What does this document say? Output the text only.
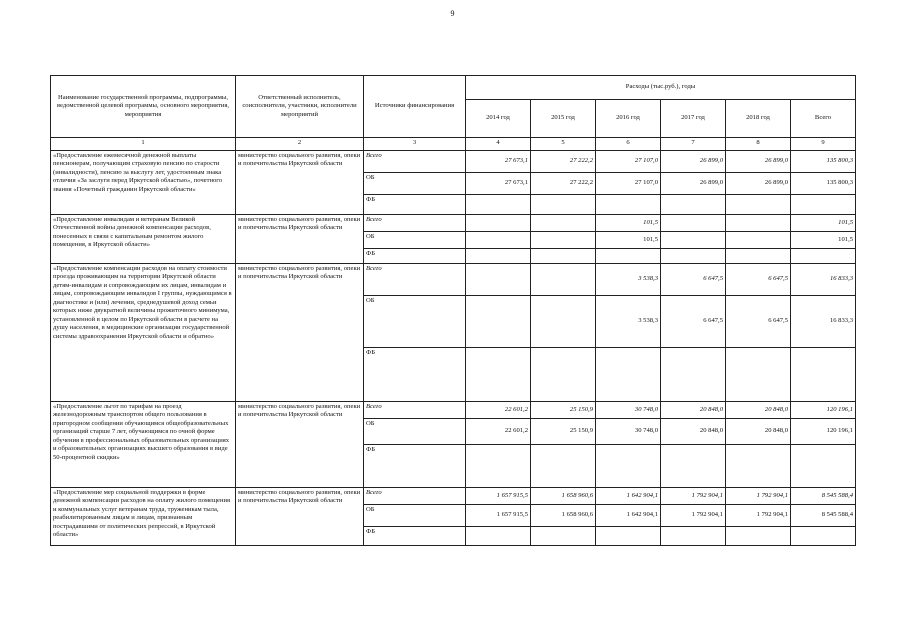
9
Наименование государственной программы, подпрограммы, ведомственной целевой программы, основного мероприятия, мероприятия	Ответственный исполнитель, соисполнители, участники, исполнители мероприятий	Источники финансирования	Расходы (тыс.руб.), годы					
			2014 год	2015 год	2016 год	2017 год	2018 год	Всего
1	2	3	4	5	6	7	8	9
«Предоставление ежемесячной денежной выплаты пенсионерам, получающим страховую пенсию по старости (инвалидности), пенсию за выслугу лет, удостоенным знака отличия «За заслуги перед Иркутской областью», почетного звания «Почетный гражданин Иркутской области»	министерство социального развития, опеки и попечительства Иркутской области	Всего	27 673,1	27 222,2	27 107,0	26 899,0	26 899,0	135 800,3
		ОБ	27 673,1	27 222,2	27 107,0	26 899,0	26 899,0	135 800,3
		ФБ						
«Предоставление инвалидам и ветеранам Великой Отечественной войны денежной компенсации расходов, понесенных в связи с капитальным ремонтом жилого помещения, в Иркутской области»	министерство социального развития, опеки и попечительства Иркутской области	Всего			101,5			101,5
		ОБ			101,5			101,5
		ФБ						
«Предоставление компенсации расходов на оплату стоимости проезда проживающим на территории Иркутской области детям-инвалидам и сопровождающим их лицам, инвалидам и лицам, сопровождающим инвалидов I группы, нуждающимся в диагностике и (или) лечении, среднедушевой доход семьи которых ниже двукратной величины прожиточного минимума, установленной в целом по Иркутской области в расчете на душу населения, в медицинские организации государственной системы здравоохранения Иркутской области и обратно»	министерство социального развития, опеки и попечительства Иркутской области	Всего			3 538,3	6 647,5	6 647,5	16 833,3
		ОБ			3 538,3	6 647,5	6 647,5	16 833,3
		ФБ						
«Предоставление льгот по тарифам на проезд железнодорожным транспортом общего пользования в пригородном сообщении обучающимся общеобразовательных организаций старше 7 лет, обучающимся по очной форме обучения в профессиональных образовательных организациях и образовательных организациях высшего образования в виде 50-процентной скидки»	министерство социального развития, опеки и попечительства Иркутской области	Всего	22 601,2	25 150,9	30 748,0	20 848,0	20 848,0	120 196,1
		ОБ	22 601,2	25 150,9	30 748,0	20 848,0	20 848,0	120 196,1
		ФБ						
«Предоставление мер социальной поддержки в форме денежной компенсации расходов на оплату жилого помещения и коммунальных услуг ветеранам труда, труженикам тыла, реабилитированным лицам и лицам, признанным пострадавшими от политических репрессий, в Иркутской области»	министерство социального развития, опеки и попечительства Иркутской области	Всего	1 657 915,5	1 658 960,6	1 642 904,1	1 792 904,1	1 792 904,1	8 545 588,4
		ОБ	1 657 915,5	1 658 960,6	1 642 904,1	1 792 904,1	1 792 904,1	8 545 588,4
		ФБ						
